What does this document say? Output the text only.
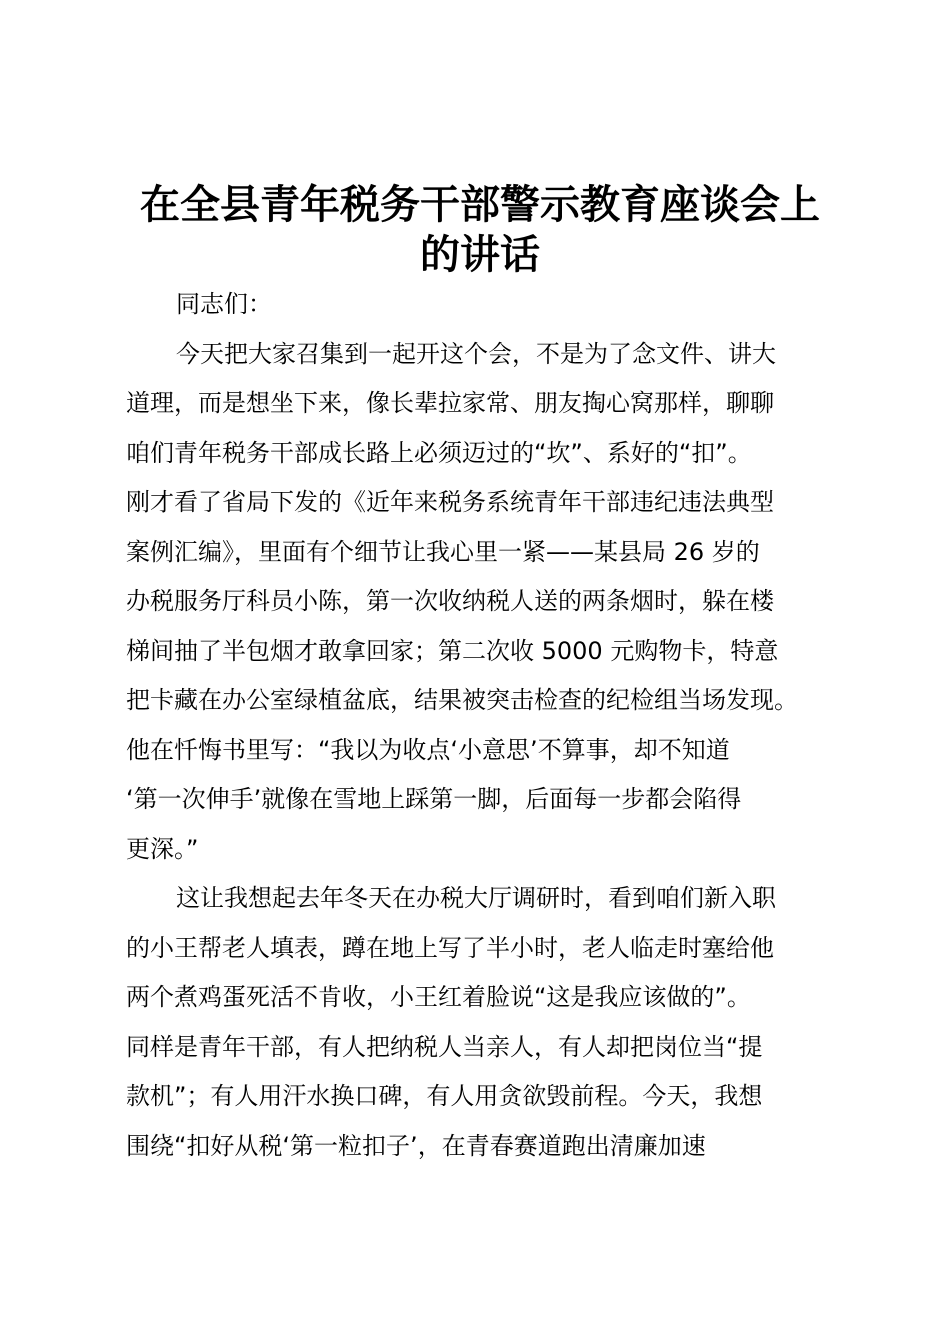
在全县青年税务干部警示教育座谈会上
的讲话

同志们：

今天把大家召集到一起开这个会，不是为了念文件、讲大
道理，而是想坐下来，像长辈拉家常、朋友掏心窝那样，聊聊
咱们青年税务干部成长路上必须迈过的“坎”、系好的“扣”。
刚才看了省局下发的《近年来税务系统青年干部违纪违法典型
案例汇编》，里面有个细节让我心里一紧——某县局 26 岁的
办税服务厅科员小陈，第一次收纳税人送的两条烟时，躲在楼
梯间抽了半包烟才敢拿回家；第二次收 5000 元购物卡，特意
把卡藏在办公室绿植盆底，结果被突击检查的纪检组当场发现。
他在忏悔书里写：“我以为收点‘小意思’不算事，却不知道
‘第一次伸手’就像在雪地上踩第一脚，后面每一步都会陷得
更深。”

这让我想起去年冬天在办税大厅调研时，看到咱们新入职
的小王帮老人填表，蹲在地上写了半小时，老人临走时塞给他
两个煮鸡蛋死活不肯收，小王红着脸说“这是我应该做的”。
同样是青年干部，有人把纳税人当亲人，有人却把岗位当“提
款机”；有人用汗水换口碑，有人用贪欲毁前程。今天，我想
围绕“扣好从税‘第一粒扣子’，在青春赛道跑出清廉加速
